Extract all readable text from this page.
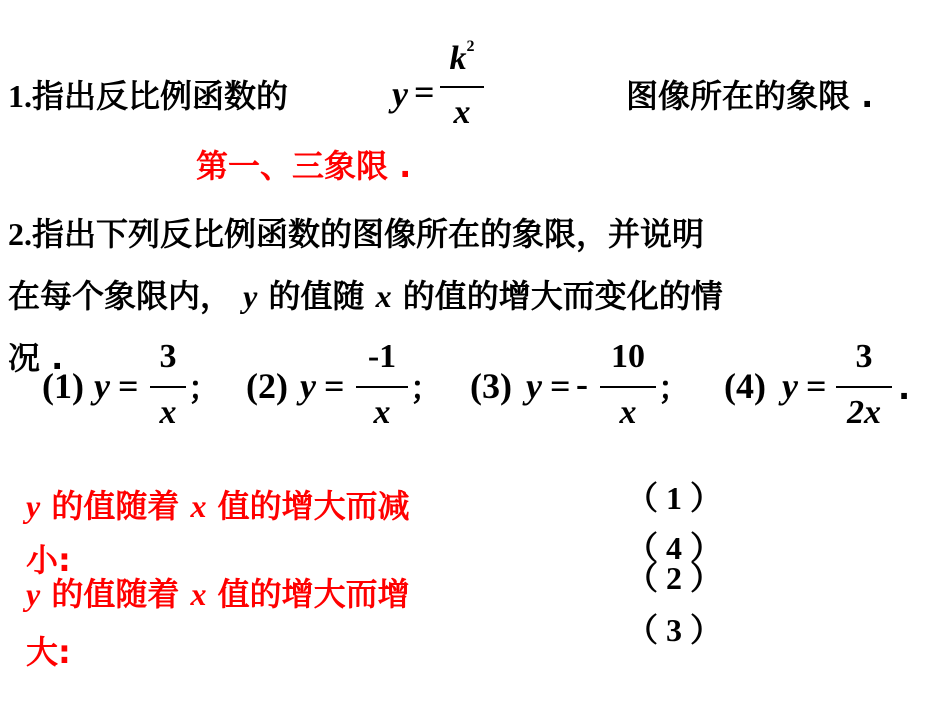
1.指出反比例函数的	y =
$k^2$
x	图像所在的象限 .
第一、三象限 .
2.指出下列反比例函数的图像所在的象限，并说明
在每个象限内， y 的值随 x 的值的增大而变化的情
况 .
(1) y =
3
x
； (2) y =
-1
x
； (3) y = -
10
x
； (4) y =
3
2x
.
y 的值随着 x 值的增大而减
小:
y 的值随着 x 值的增大而增
大:
（ 1 ）
（ 4 ）
（ 2 ）
（ 3 ）
